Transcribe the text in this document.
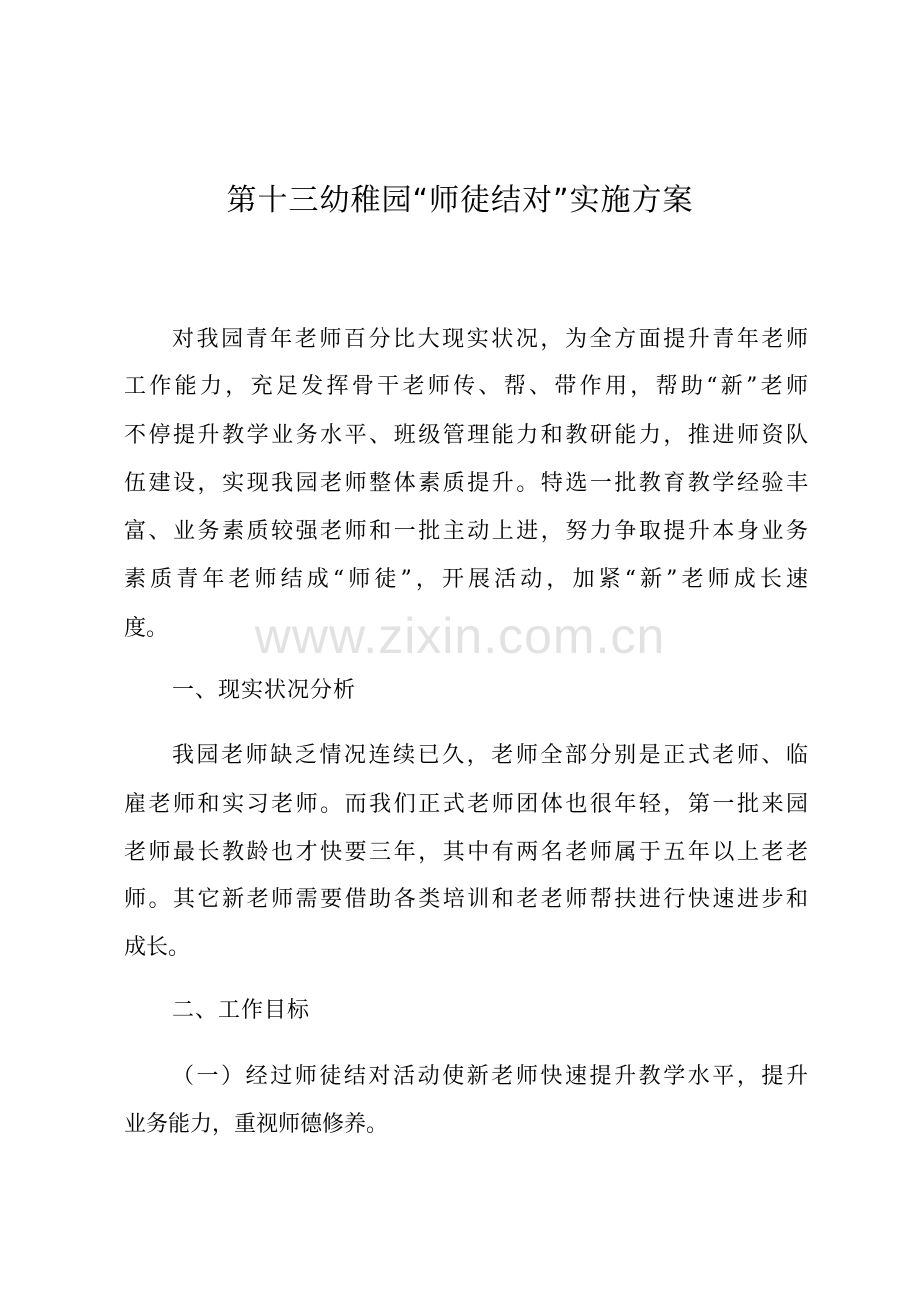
第十三幼稚园“师徒结对”实施方案
www.zixin.com.cn
对我园青年老师百分比大现实状况，为全方面提升青年老师
工作能力，充足发挥骨干老师传、帮、带作用，帮助“新”老师
不停提升教学业务水平、班级管理能力和教研能力，推进师资队
伍建设，实现我园老师整体素质提升。特选一批教育教学经验丰
富、业务素质较强老师和一批主动上进，努力争取提升本身业务
素质青年老师结成“师徒”，开展活动，加紧“新”老师成长速
度。
一、现实状况分析
我园老师缺乏情况连续已久，老师全部分别是正式老师、临
雇老师和实习老师。而我们正式老师团体也很年轻，第一批来园
老师最长教龄也才快要三年，其中有两名老师属于五年以上老老
师。其它新老师需要借助各类培训和老老师帮扶进行快速进步和
成长。
二、工作目标
（一）经过师徒结对活动使新老师快速提升教学水平，提升
业务能力，重视师德修养。
